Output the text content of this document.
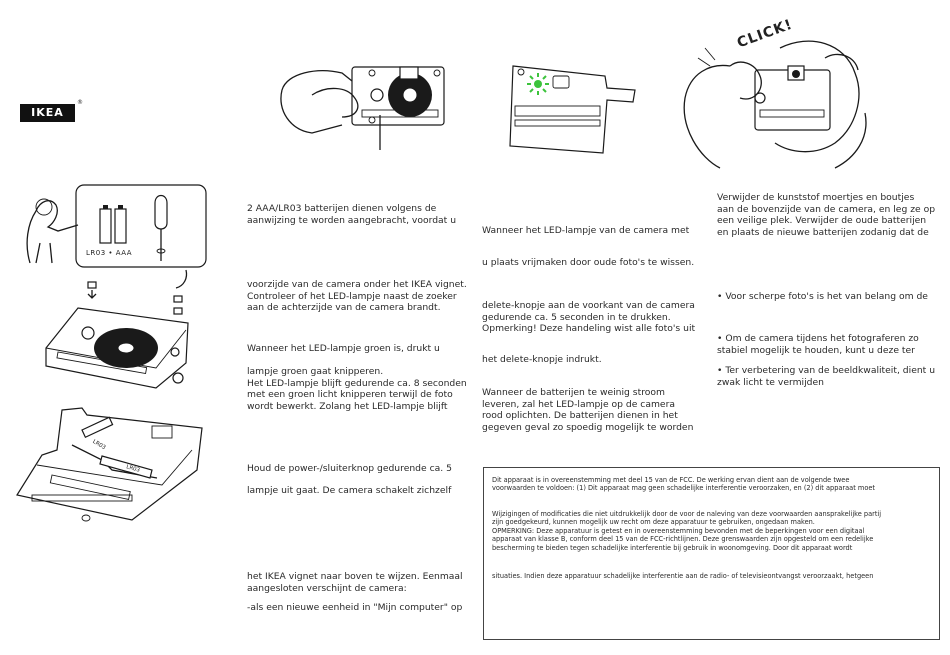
IKEA
®
CLICK!
LR03 • AAA
LR03
LR03
2 AAA/LR03 batterijen dienen volgens de
aanwijzing te worden aangebracht, voordat u
voorzijde van de camera onder het IKEA vignet.
Controleer of het LED-lampje naast de zoeker
aan de achterzijde van de camera brandt.
Wanneer het LED-lampje groen is, drukt u
lampje groen gaat knipperen.
Het LED-lampje blijft gedurende ca. 8 seconden
met een groen licht knipperen terwijl de foto
wordt bewerkt. Zolang het LED-lampje blijft
Houd de power-/sluiterknop gedurende ca. 5
lampje uit gaat. De camera schakelt zichzelf
het IKEA vignet naar boven te wijzen. Eenmaal
aangesloten verschijnt de camera:
-als een nieuwe eenheid in "Mijn computer" op
Wanneer het LED-lampje van de camera met
u plaats vrijmaken door oude foto's te wissen.
delete-knopje aan de voorkant van de camera
gedurende ca. 5 seconden in te drukken.
Opmerking! Deze handeling wist alle foto's uit
het delete-knopje indrukt.
Wanneer de batterijen te weinig stroom
leveren, zal het LED-lampje op de camera
rood oplichten. De batterijen dienen in het
gegeven geval zo spoedig mogelijk te worden
Verwijder de kunststof moertjes en boutjes
aan de bovenzijde van de camera, en leg ze op
een veilige plek. Verwijder de oude batterijen
en plaats de nieuwe batterijen zodanig dat de
• Voor scherpe foto's is het van belang om de
• Om de camera tijdens het fotograferen zo
stabiel mogelijk te houden, kunt u deze ter
• Ter verbetering van de beeldkwaliteit, dient u
zwak licht te vermijden
Dit apparaat is in overeenstemming met deel 15 van de FCC. De werking ervan dient aan de volgende twee
voorwaarden te voldoen: (1) Dit apparaat mag geen schadelijke interferentie veroorzaken, en (2) dit apparaat moet
Wijzigingen of modificaties die niet uitdrukkelijk door de voor de naleving van deze voorwaarden aansprakelijke partij
zijn goedgekeurd, kunnen mogelijk uw recht om deze apparatuur te gebruiken, ongedaan maken.
OPMERKING: Deze apparatuur is getest en in overeenstemming bevonden met de beperkingen voor een digitaal
apparaat van klasse B, conform deel 15 van de FCC-richtlijnen. Deze grenswaarden zijn opgesteld om een redelijke
bescherming te bieden tegen schadelijke interferentie bij gebruik in woonomgeving. Door dit apparaat wordt
situaties. Indien deze apparatuur schadelijke interferentie aan de radio- of televisieontvangst veroorzaakt, hetgeen
